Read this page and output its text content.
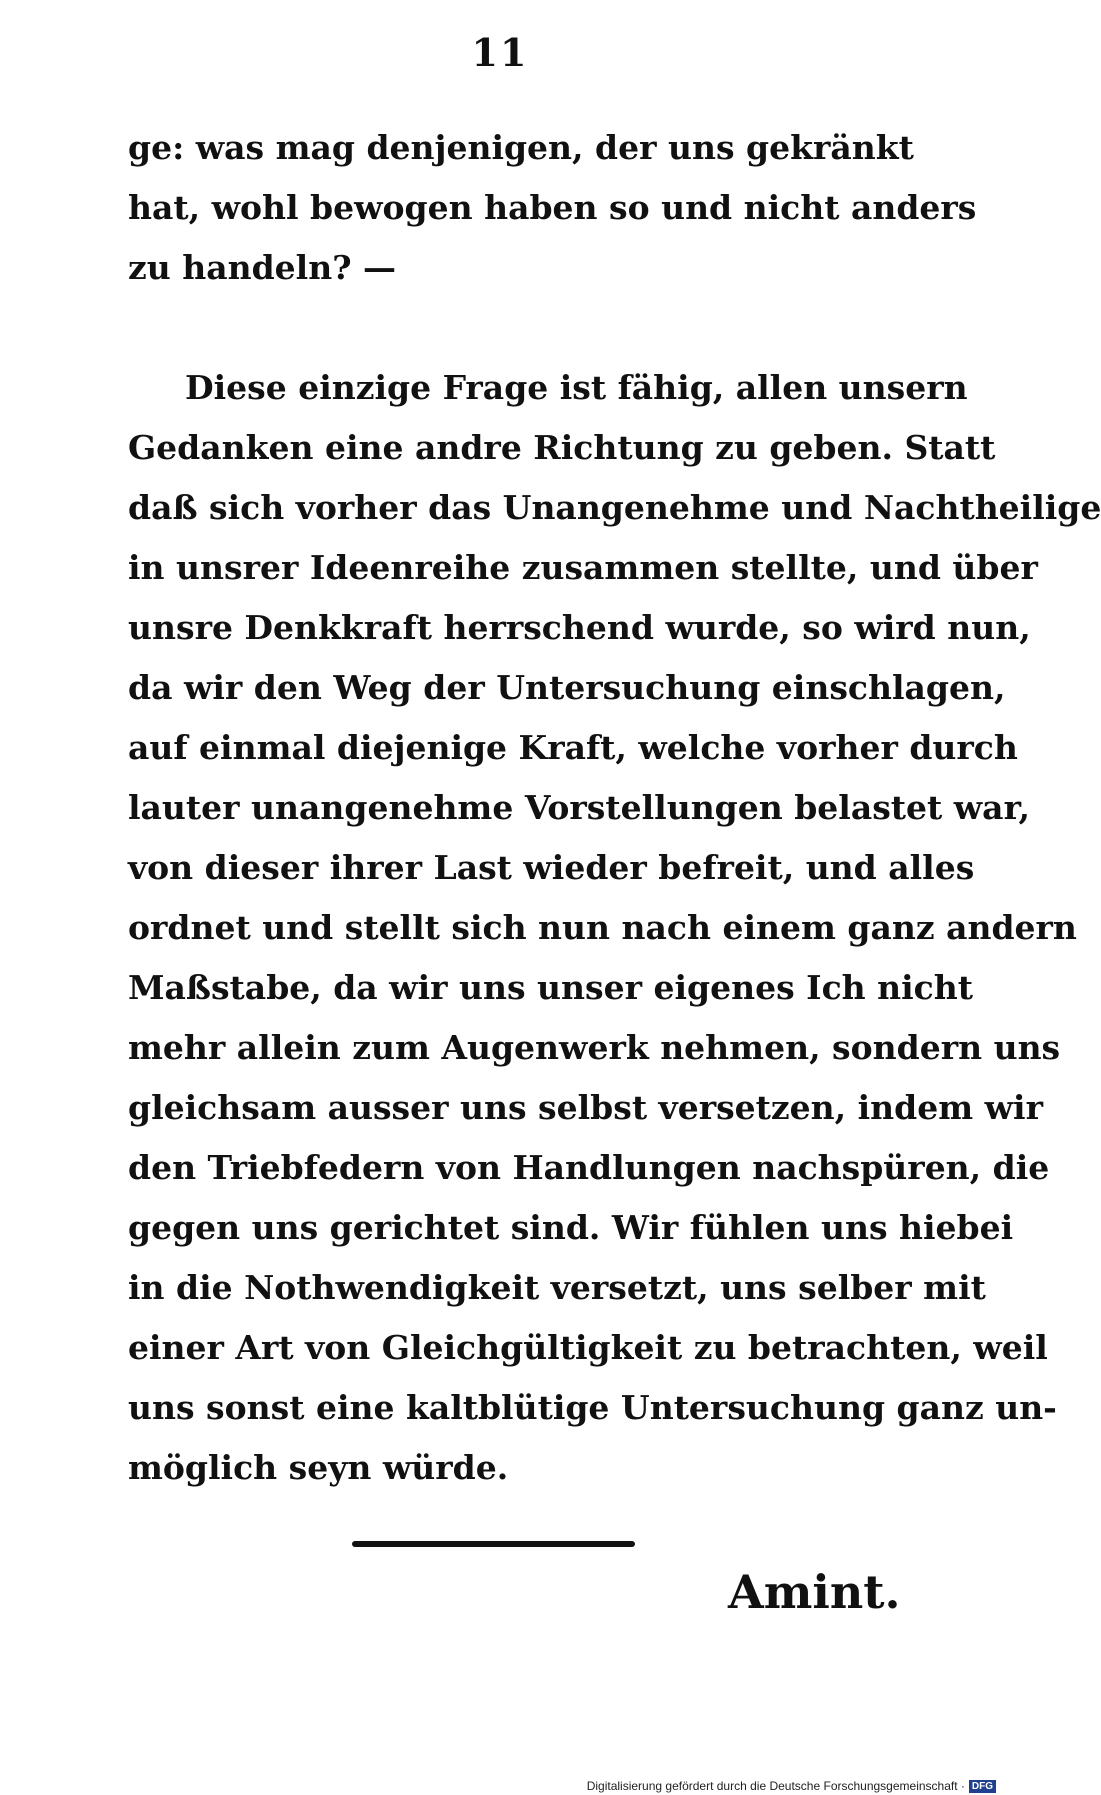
11
ge: was mag denjenigen, der uns gekränkt
hat, wohl bewogen haben so und nicht anders
zu handeln? —
Diese einzige Frage ist fähig, allen unsern
Gedanken eine andre Richtung zu geben. Statt
daß sich vorher das Unangenehme und Nachtheilige
in unsrer Ideenreihe zusammen stellte, und über
unsre Denkkraft herrschend wurde, so wird nun,
da wir den Weg der Untersuchung einschlagen,
auf einmal diejenige Kraft, welche vorher durch
lauter unangenehme Vorstellungen belastet war,
von dieser ihrer Last wieder befreit, und alles
ordnet und stellt sich nun nach einem ganz andern
Maßstabe, da wir uns unser eigenes Ich nicht
mehr allein zum Augenwerk nehmen, sondern uns
gleichsam ausser uns selbst versetzen, indem wir
den Triebfedern von Handlungen nachspüren, die
gegen uns gerichtet sind. Wir fühlen uns hiebei
in die Nothwendigkeit versetzt, uns selber mit
einer Art von Gleichgültigkeit zu betrachten, weil
uns sonst eine kaltblütige Untersuchung ganz un-
möglich seyn würde.
Amint.
Digitalisierung gefördert durch die Deutsche Forschungsgemeinschaft · DFG
